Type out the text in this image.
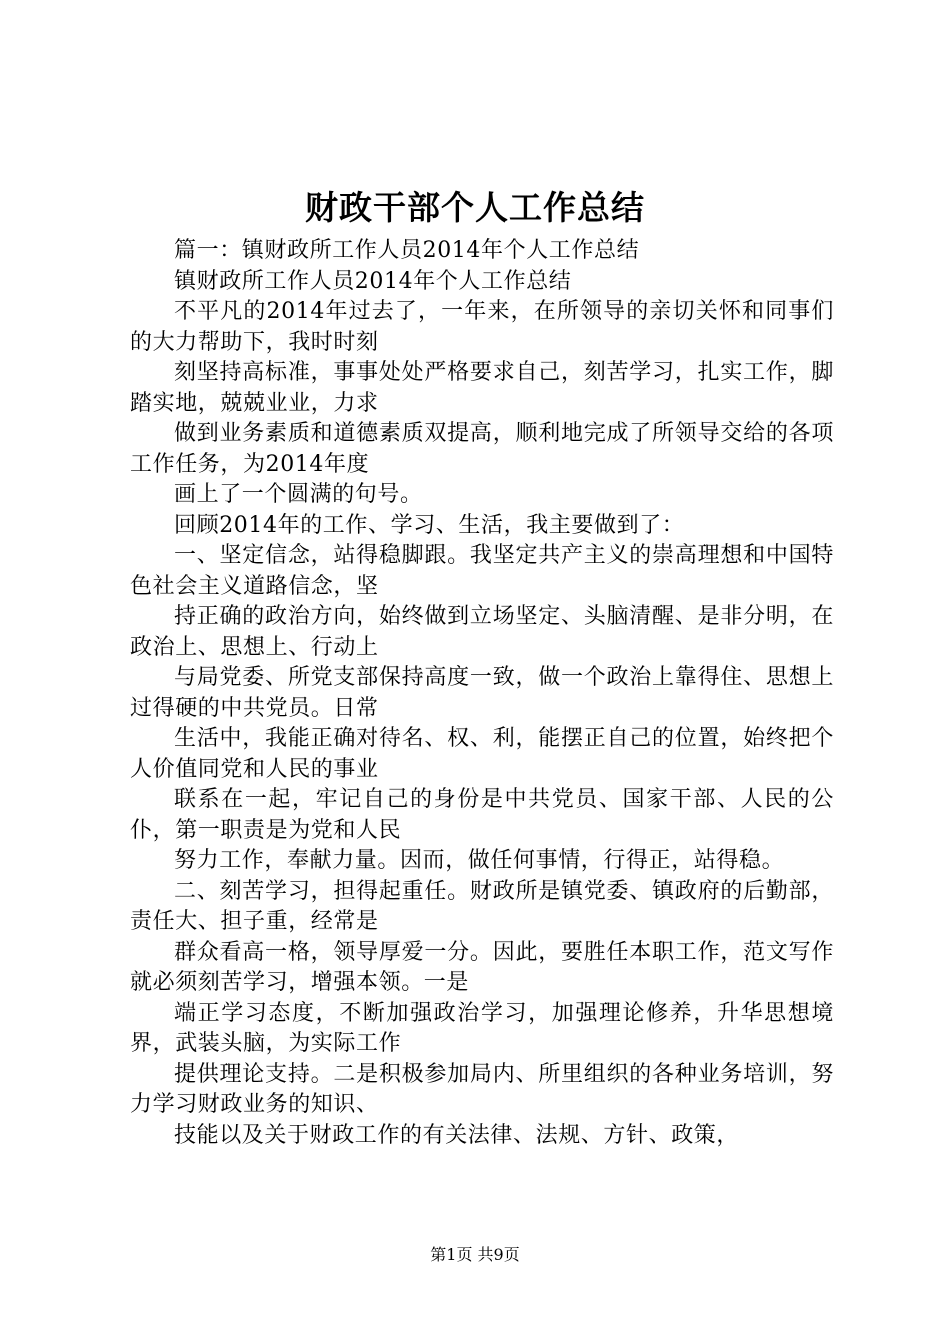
财政干部个人工作总结

篇一：镇财政所工作人员2014年个人工作总结

镇财政所工作人员2014年个人工作总结

不平凡的2014年过去了，一年来，在所领导的亲切关怀和同事们的大力帮助下，我时时刻

刻坚持高标准，事事处处严格要求自己，刻苦学习，扎实工作，脚踏实地，兢兢业业，力求

做到业务素质和道德素质双提高，顺利地完成了所领导交给的各项工作任务，为2014年度

画上了一个圆满的句号。

回顾2014年的工作、学习、生活，我主要做到了：

一、坚定信念，站得稳脚跟。我坚定共产主义的崇高理想和中国特色社会主义道路信念，坚

持正确的政治方向，始终做到立场坚定、头脑清醒、是非分明，在政治上、思想上、行动上

与局党委、所党支部保持高度一致，做一个政治上靠得住、思想上过得硬的中共党员。日常

生活中，我能正确对待名、权、利，能摆正自己的位置，始终把个人价值同党和人民的事业

联系在一起，牢记自己的身份是中共党员、国家干部、人民的公仆，第一职责是为党和人民

努力工作，奉献力量。因而，做任何事情，行得正，站得稳。

二、刻苦学习，担得起重任。财政所是镇党委、镇政府的后勤部，责任大、担子重，经常是

群众看高一格，领导厚爱一分。因此，要胜任本职工作，范文写作就必须刻苦学习，增强本领。一是

端正学习态度，不断加强政治学习，加强理论修养，升华思想境界，武装头脑，为实际工作

提供理论支持。二是积极参加局内、所里组织的各种业务培训，努力学习财政业务的知识、

技能以及关于财政工作的有关法律、法规、方针、政策，

第1页 共9页
